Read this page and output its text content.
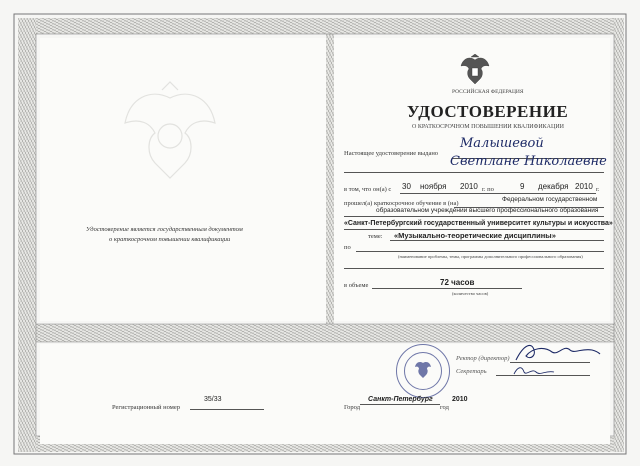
Удостоверение является государственным документом
о краткосрочном повышении квалификации
РОССИЙСКАЯ ФЕДЕРАЦИЯ
УДОСТОВЕРЕНИЕ
О КРАТКОСРОЧНОМ ПОВЫШЕНИИ КВАЛИФИКАЦИИ
Малышевой
Настоящее удостоверение выдано
Светлане Николаевне
в том, что он(а) с 30 ноября 2010 г. по	9 декабря 2010 г.
прошел(а) краткосрочное обучение в (на)
Федеральном государственном
образовательном учреждении высшего профессионального образования
«Санкт-Петербургский государственный университет культуры и искусства»
теме: «Музыкально-теоретические дисциплины»
по
(наименование проблемы, темы, программы дополнительного профессионального образования)
в объеме	72 часов
(количество часов)
Ректор (директор)
Секретарь
Регистрационный номер
35/33
Город
Санкт-Петербург	2010
год
